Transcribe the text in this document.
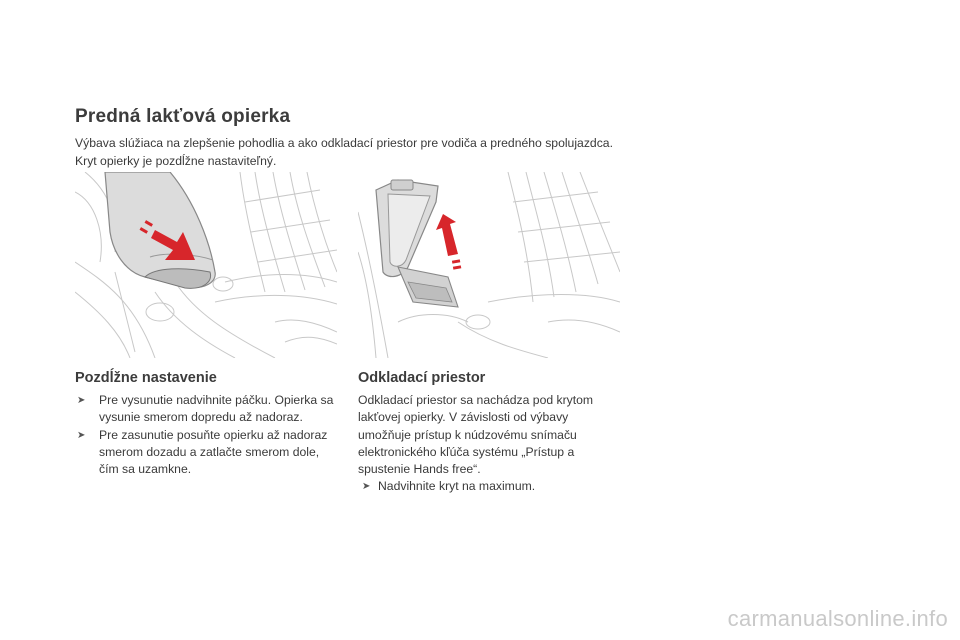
Predná lakťová opierka

Výbava slúžiaca na zlepšenie pohodlia a ako odkladací priestor pre vodiča a predného spolujazdca.

Kryt opierky je pozdĺžne nastaviteľný.

Pozdĺžne nastavenie
➤ Pre vysunutie nadvihnite páčku. Opierka sa vysunie smerom dopredu až nadoraz.
➤ Pre zasunutie posuňte opierku až nadoraz smerom dozadu a zatlačte smerom dole, čím sa uzamkne.
Odkladací priestor
Odkladací priestor sa nachádza pod krytom
lakťovej opierky. V závislosti od výbavy
umožňuje prístup k núdzovému snímaču
elektronického kľúča systému „Prístup a
spustenie Hands free“.
➤ Nadvihnite kryt na maximum.
carmanualsonline.info
